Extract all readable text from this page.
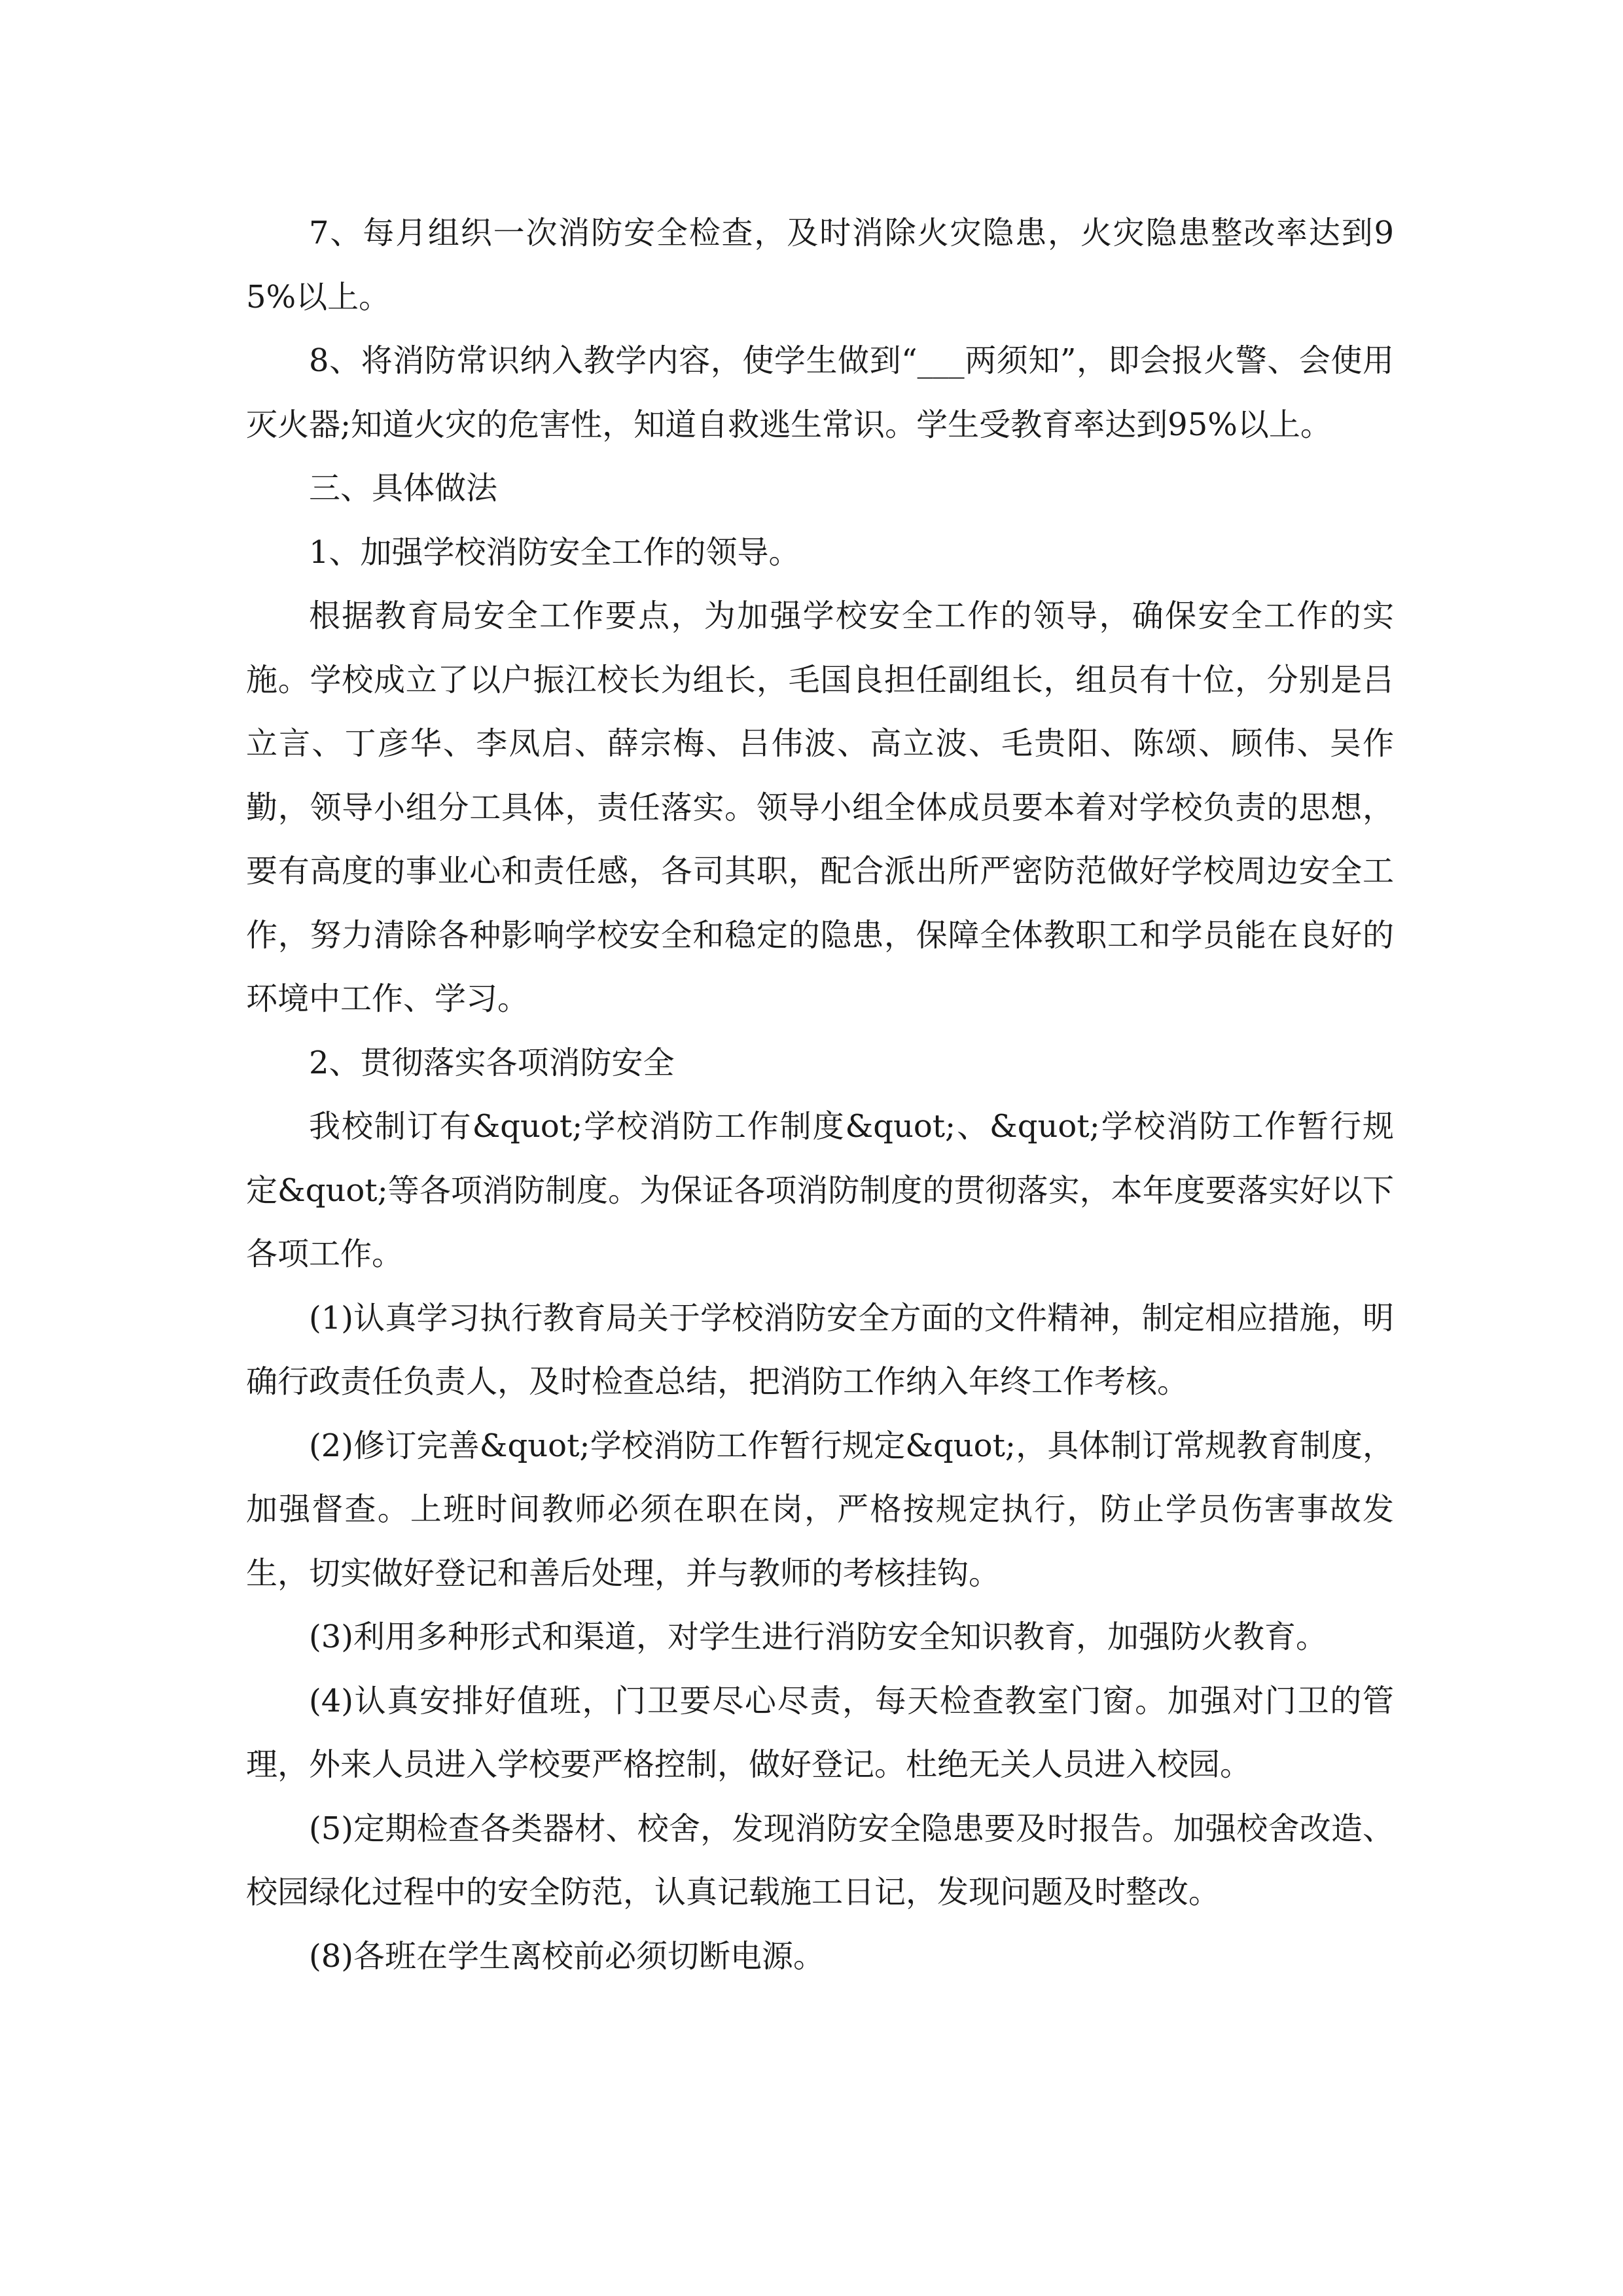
7、每月组织一次消防安全检查，及时消除火灾隐患，火灾隐患整改率达到95%以上。

8、将消防常识纳入教学内容，使学生做到“___两须知”，即会报火警、会使用灭火器;知道火灾的危害性，知道自救逃生常识。学生受教育率达到95%以上。

三、具体做法

1、加强学校消防安全工作的领导。

根据教育局安全工作要点，为加强学校安全工作的领导，确保安全工作的实施。学校成立了以户振江校长为组长，毛国良担任副组长，组员有十位，分别是吕立言、丁彦华、李凤启、薛宗梅、吕伟波、高立波、毛贵阳、陈颂、顾伟、吴作勤，领导小组分工具体，责任落实。领导小组全体成员要本着对学校负责的思想，要有高度的事业心和责任感，各司其职，配合派出所严密防范做好学校周边安全工作，努力清除各种影响学校安全和稳定的隐患，保障全体教职工和学员能在良好的环境中工作、学习。

2、贯彻落实各项消防安全

我校制订有&quot;学校消防工作制度&quot;、&quot;学校消防工作暂行规定&quot;等各项消防制度。为保证各项消防制度的贯彻落实，本年度要落实好以下各项工作。

(1)认真学习执行教育局关于学校消防安全方面的文件精神，制定相应措施，明确行政责任负责人，及时检查总结，把消防工作纳入年终工作考核。

(2)修订完善&quot;学校消防工作暂行规定&quot;，具体制订常规教育制度，加强督查。上班时间教师必须在职在岗，严格按规定执行，防止学员伤害事故发生，切实做好登记和善后处理，并与教师的考核挂钩。

(3)利用多种形式和渠道，对学生进行消防安全知识教育，加强防火教育。

(4)认真安排好值班，门卫要尽心尽责，每天检查教室门窗。加强对门卫的管理，外来人员进入学校要严格控制，做好登记。杜绝无关人员进入校园。

(5)定期检查各类器材、校舍，发现消防安全隐患要及时报告。加强校舍改造、校园绿化过程中的安全防范，认真记载施工日记，发现问题及时整改。

(8)各班在学生离校前必须切断电源。
